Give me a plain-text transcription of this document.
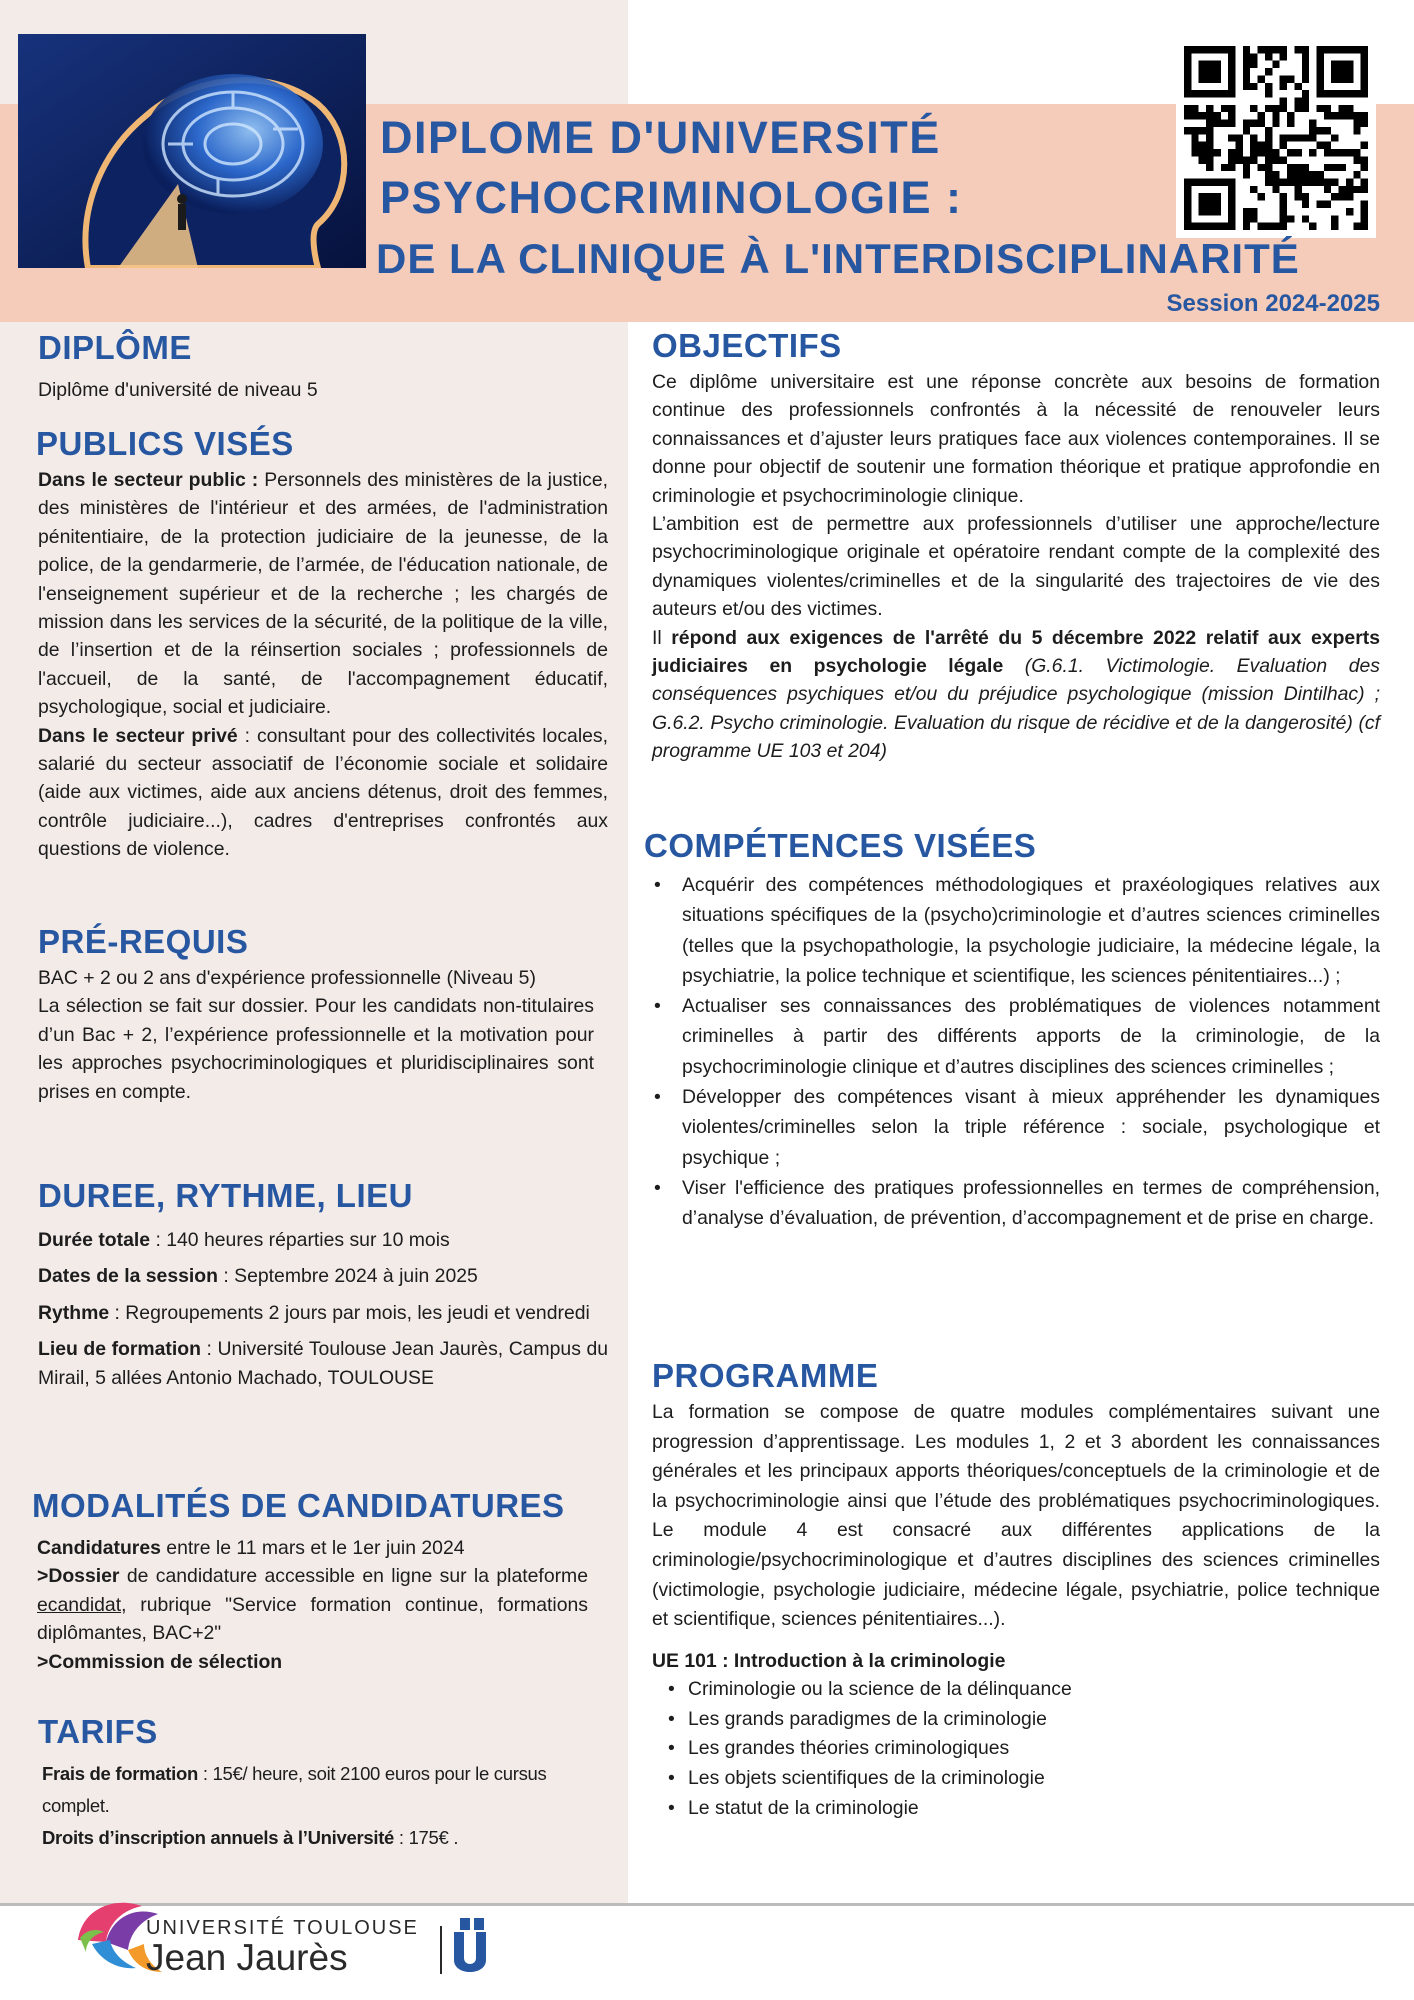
DIPLOME D'UNIVERSITÉ
PSYCHOCRIMINOLOGIE :
DE LA CLINIQUE À L'INTERDISCIPLINARITÉ
Session 2024-2025
DIPLÔME
Diplôme d'université de niveau 5
PUBLICS VISÉS

Dans le secteur public : Personnels des ministères de la justice, des ministères de l'intérieur et des armées, de l'administration pénitentiaire, de la protection judiciaire de la jeunesse, de la police, de la gendarmerie, de l’armée, de l'éducation nationale, de l'enseignement supérieur et de la recherche ; les chargés de mission dans les services de la sécurité, de la politique de la ville, de l’insertion et de la réinsertion sociales ; professionnels de l'accueil, de la santé, de l'accompagnement éducatif, psychologique, social et judiciaire.

Dans le secteur privé : consultant pour des collectivités locales, salarié du secteur associatif de l’économie sociale et solidaire (aide aux victimes, aide aux anciens détenus, droit des femmes, contrôle judiciaire...), cadres d'entreprises confrontés aux questions de violence.

PRÉ-REQUIS

BAC + 2 ou 2 ans d'expérience professionnelle (Niveau 5)

La sélection se fait sur dossier. Pour les candidats non-titulaires d’un Bac + 2, l’expérience professionnelle et la motivation pour les approches psychocriminologiques et pluridisciplinaires sont prises en compte.

DUREE, RYTHME, LIEU

Durée totale : 140 heures réparties sur 10 mois

Dates de la session : Septembre 2024 à juin 2025

Rythme : Regroupements 2 jours par mois, les jeudi et vendredi

Lieu de formation : Université Toulouse Jean Jaurès, Campus du Mirail, 5 allées Antonio Machado, TOULOUSE

MODALITÉS DE CANDIDATURES

Candidatures entre le 11 mars et le 1er juin 2024

>Dossier de candidature accessible en ligne sur la plateforme ecandidat, rubrique "Service formation continue, formations diplômantes, BAC+2"

>Commission de sélection

TARIFS

Frais de formation : 15€/ heure, soit 2100 euros pour le cursus complet.

Droits d’inscription annuels à l’Université : 175€ .

OBJECTIFS

Ce diplôme universitaire est une réponse concrète aux besoins de formation continue des professionnels confrontés à la nécessité de renouveler leurs connaissances et d’ajuster leurs pratiques face aux violences contemporaines. Il se donne pour objectif de soutenir une formation théorique et pratique approfondie en criminologie et psychocriminologie clinique.

L’ambition est de permettre aux professionnels d’utiliser une approche/lecture psychocriminologique originale et opératoire rendant compte de la complexité des dynamiques violentes/criminelles et de la singularité des trajectoires de vie des auteurs et/ou des victimes.

Il répond aux exigences de l'arrêté du 5 décembre 2022 relatif aux experts judiciaires en psychologie légale (G.6.1. Victimologie. Evaluation des conséquences psychiques et/ou du préjudice psychologique (mission Dintilhac) ; G.6.2. Psycho criminologie. Evaluation du risque de récidive et de la dangerosité) (cf programme UE 103 et 204)

COMPÉTENCES VISÉES
• Acquérir des compétences méthodologiques et praxéologiques relatives aux situations spécifiques de la (psycho)criminologie et d’autres sciences criminelles (telles que la psychopathologie, la psychologie judiciaire, la médecine légale, la psychiatrie, la police technique et scientifique, les sciences pénitentiaires...) ;
• Actualiser ses connaissances des problématiques de violences notamment criminelles à partir des différents apports de la criminologie, de la psychocriminologie clinique et d’autres disciplines des sciences criminelles ;
• Développer des compétences visant à mieux appréhender les dynamiques violentes/criminelles selon la triple référence : sociale, psychologique et psychique ;
• Viser l'efficience des pratiques professionnelles en termes de compréhension, d’analyse d’évaluation, de prévention, d’accompagnement et de prise en charge.
PROGRAMME
La formation se compose de quatre modules complémentaires suivant une progression d’apprentissage. Les modules 1, 2 et 3 abordent les connaissances générales et les principaux apports théoriques/conceptuels de la criminologie et de la psychocriminologie ainsi que l’étude des problématiques psychocriminologiques. Le module 4 est consacré aux différentes applications de la criminologie/psychocriminologique et d’autres disciplines des sciences criminelles (victimologie, psychologie judiciaire, médecine légale, psychiatrie, police technique et scientifique, sciences pénitentiaires...).
UE 101 : Introduction à la criminologie
• Criminologie ou la science de la délinquance
• Les grands paradigmes de la criminologie
• Les grandes théories criminologiques
• Les objets scientifiques de la criminologie
• Le statut de la criminologie
UNIVERSITÉ TOULOUSE
Jean Jaurès
